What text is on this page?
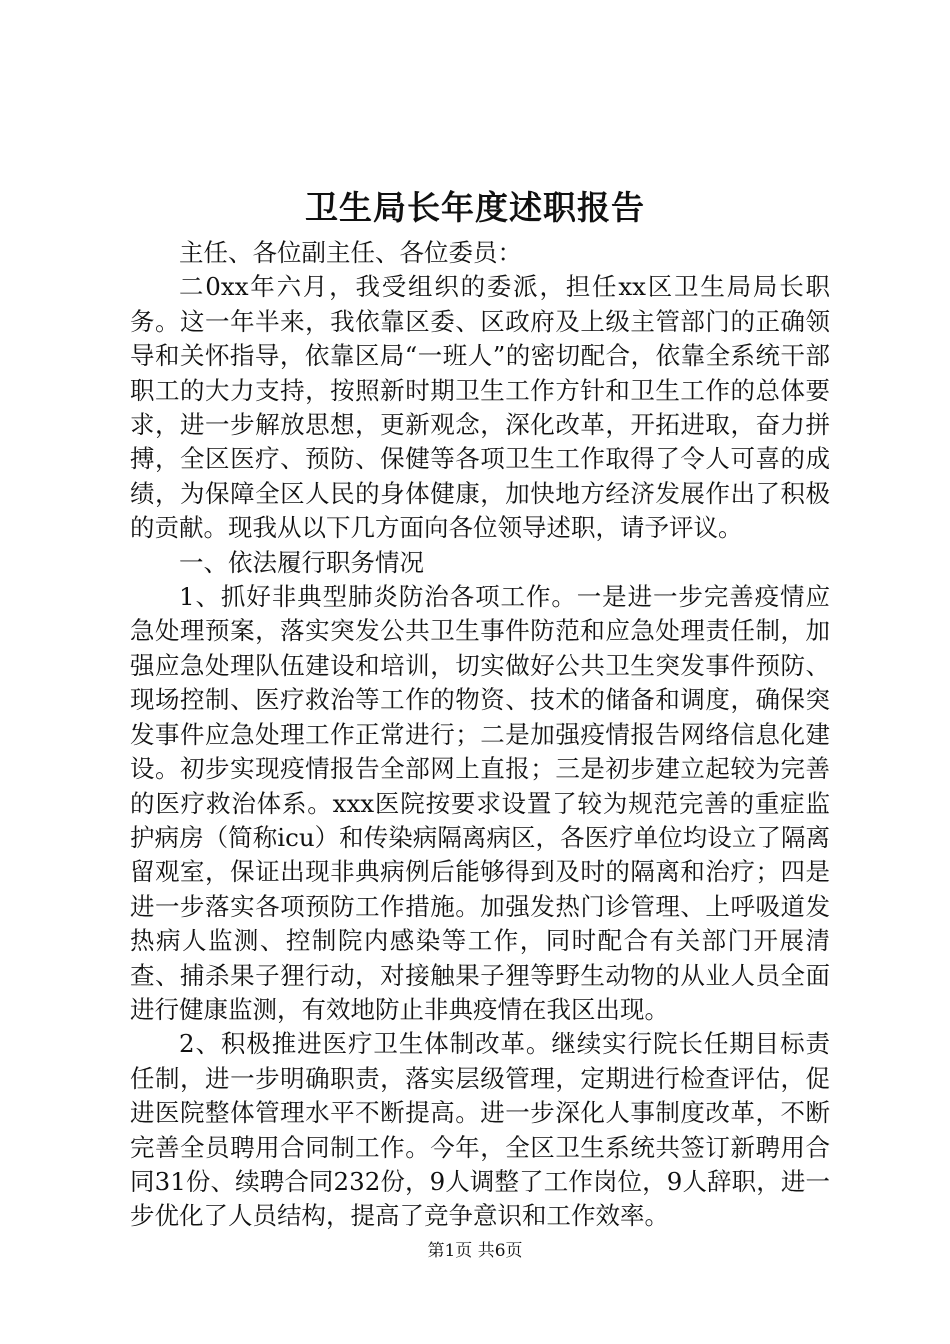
卫生局长年度述职报告

主任、各位副主任、各位委员：

二0xx年六月，我受组织的委派，担任xx区卫生局局长职务。这一年半来，我依靠区委、区政府及上级主管部门的正确领导和关怀指导，依靠区局“一班人”的密切配合，依靠全系统干部职工的大力支持，按照新时期卫生工作方针和卫生工作的总体要求，进一步解放思想，更新观念，深化改革，开拓进取，奋力拼搏，全区医疗、预防、保健等各项卫生工作取得了令人可喜的成绩，为保障全区人民的身体健康，加快地方经济发展作出了积极的贡献。现我从以下几方面向各位领导述职，请予评议。

一、依法履行职务情况

1、抓好非典型肺炎防治各项工作。一是进一步完善疫情应急处理预案，落实突发公共卫生事件防范和应急处理责任制，加强应急处理队伍建设和培训，切实做好公共卫生突发事件预防、现场控制、医疗救治等工作的物资、技术的储备和调度，确保突发事件应急处理工作正常进行；二是加强疫情报告网络信息化建设。初步实现疫情报告全部网上直报；三是初步建立起较为完善的医疗救治体系。xxx医院按要求设置了较为规范完善的重症监护病房（简称icu）和传染病隔离病区，各医疗单位均设立了隔离留观室，保证出现非典病例后能够得到及时的隔离和治疗；四是进一步落实各项预防工作措施。加强发热门诊管理、上呼吸道发热病人监测、控制院内感染等工作，同时配合有关部门开展清查、捕杀果子狸行动，对接触果子狸等野生动物的从业人员全面进行健康监测，有效地防止非典疫情在我区出现。

2、积极推进医疗卫生体制改革。继续实行院长任期目标责任制，进一步明确职责，落实层级管理，定期进行检查评估，促进医院整体管理水平不断提高。进一步深化人事制度改革，不断完善全员聘用合同制工作。今年，全区卫生系统共签订新聘用合同31份、续聘合同232份，9人调整了工作岗位，9人辞职，进一步优化了人员结构，提高了竞争意识和工作效率。

第1页 共6页
